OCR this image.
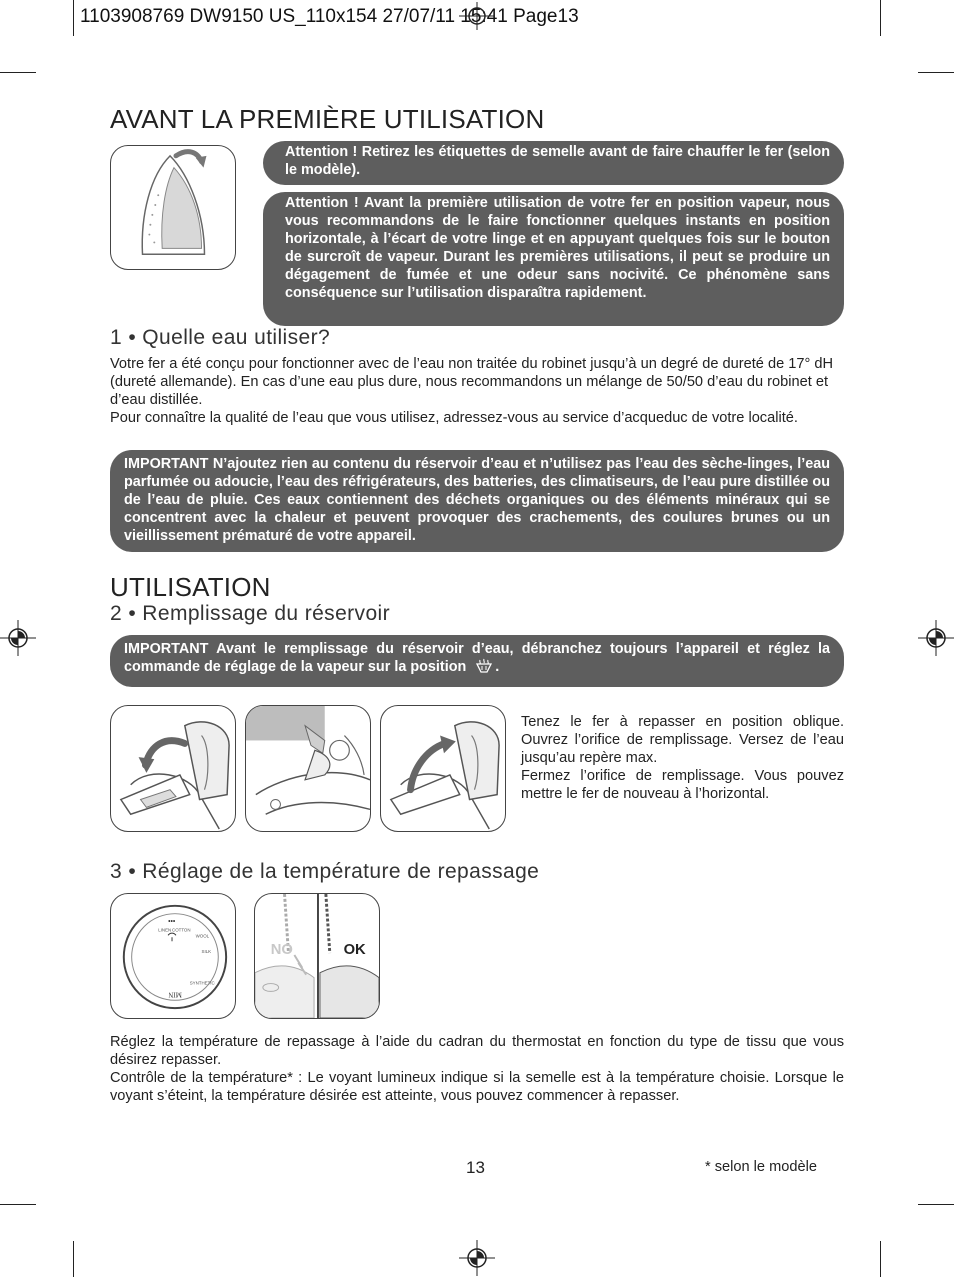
1103908769 DW9150 US_110x154 27/07/11 15:41 Page13
AVANT LA PREMIÈRE UTILISATION

Attention ! Retirez les étiquettes de semelle avant de faire chauffer le fer (selon le modèle).

Attention ! Avant la première utilisation de votre fer en position vapeur, nous vous recommandons de le faire fonctionner quelques instants en position horizontale, à l’écart de votre linge et en appuyant quelques fois sur le bouton de surcroît de vapeur. Durant les premières utilisations, il peut se produire un dégagement de fumée et une odeur sans nocivité. Ce phénomène sans conséquence sur l’utilisation disparaîtra rapidement.

1 • Quelle eau utiliser?

Votre fer a été conçu pour fonctionner avec de l’eau non traitée du robinet jusqu’à un degré de dureté de 17° dH (dureté allemande). En cas d’une eau plus dure, nous recommandons un mélange de 50/50 d’eau du robinet et d’eau distillée.

Pour connaître la qualité de l’eau que vous utilisez, adressez-vous au service d’acqueduc de votre localité.

IMPORTANT N’ajoutez rien au contenu du réservoir d’eau et n’utilisez pas l’eau des sèche-linges, l’eau parfumée ou adoucie, l’eau des réfrigérateurs, des batteries, des climatiseurs, de l’eau pure distillée ou de l’eau de pluie. Ces eaux contiennent des déchets organiques ou des éléments minéraux qui se concentrent avec la chaleur et peuvent provoquer des crachements, des coulures brunes ou un vieillissement prématuré de votre appareil.

UTILISATION
2 • Remplissage du réservoir

IMPORTANT Avant le remplissage du réservoir d’eau, débranchez toujours l’appareil et réglez la commande de réglage de la vapeur sur la position .

Tenez le fer à repasser en position oblique. Ouvrez l’orifice de remplissage. Versez de l’eau jusqu’au repère max.

Fermez l’orifice de remplissage. Vous pouvez mettre le fer de nouveau à l’horizontal.

3 • Réglage de la température de repassage
•••
LINEN COTTON
WOOL
SILK
SYNTHETIC
MIN
NO	OK

Réglez la température de repassage à l’aide du cadran du thermostat en fonction du type de tissu que vous désirez repasser.

Contrôle de la température* : Le voyant lumineux indique si la semelle est à la température choisie. Lorsque le voyant s’éteint, la température désirée est atteinte, vous pouvez commencer à repasser.

13	* selon le modèle
